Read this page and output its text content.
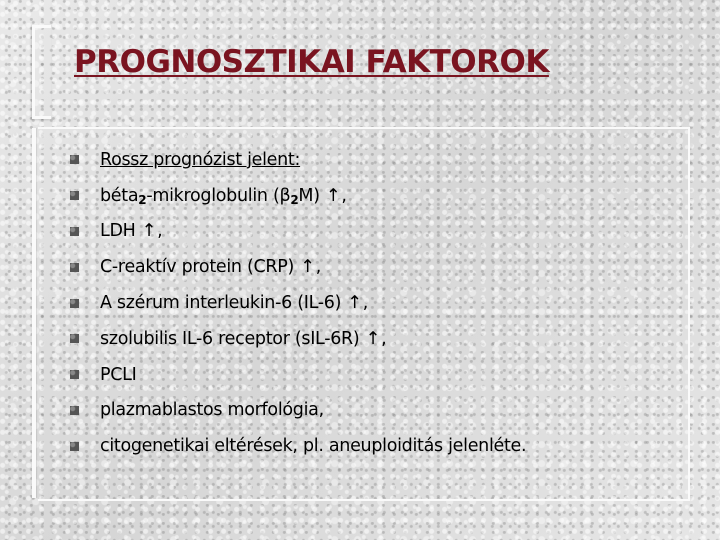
PROGNOSZTIKAI FAKTOROK
Rossz prognózist jelent:
béta$_2$-mikroglobulin $(\beta_2M)$ ↑,
LDH ↑,
C-reaktív protein (CRP) ↑,
A szérum interleukin-6 (IL-6) ↑,
szolubilis IL-6 receptor (sIL-6R) ↑,
PCLI
plazmablastos morfológia,
citogenetikai eltérések, pl. aneuploiditás jelenléte.
